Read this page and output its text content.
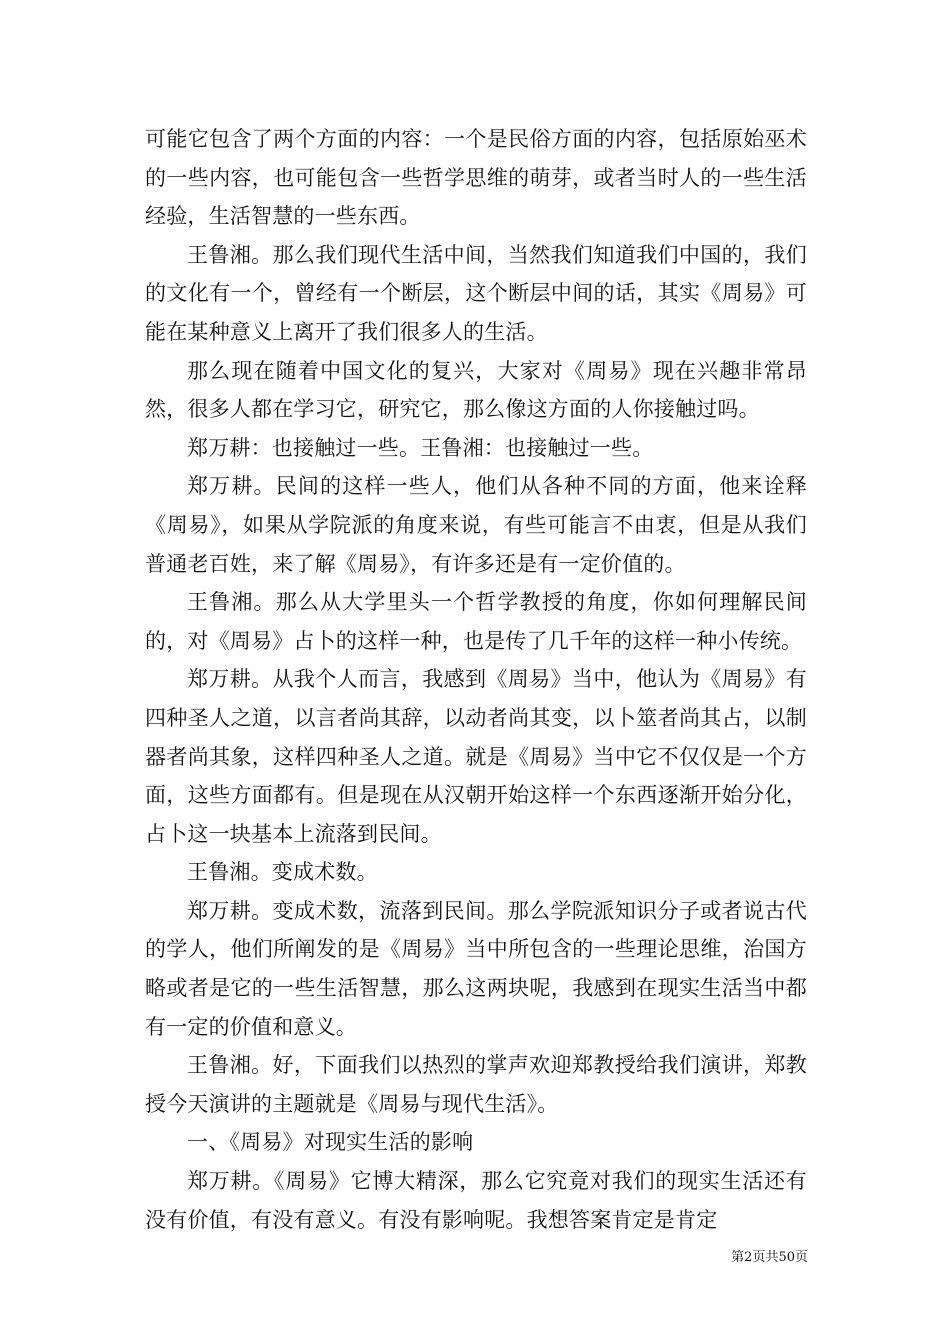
可能它包含了两个方面的内容：一个是民俗方面的内容，包括原始巫术的一些内容，也可能包含一些哲学思维的萌芽，或者当时人的一些生活经验，生活智慧的一些东西。

王鲁湘。那么我们现代生活中间，当然我们知道我们中国的，我们的文化有一个，曾经有一个断层，这个断层中间的话，其实《周易》可能在某种意义上离开了我们很多人的生活。

那么现在随着中国文化的复兴，大家对《周易》现在兴趣非常昂然，很多人都在学习它，研究它，那么像这方面的人你接触过吗。

郑万耕：也接触过一些。王鲁湘：也接触过一些。

郑万耕。民间的这样一些人，他们从各种不同的方面，他来诠释《周易》，如果从学院派的角度来说，有些可能言不由衷，但是从我们普通老百姓，来了解《周易》，有许多还是有一定价值的。

王鲁湘。那么从大学里头一个哲学教授的角度，你如何理解民间的，对《周易》占卜的这样一种，也是传了几千年的这样一种小传统。

郑万耕。从我个人而言，我感到《周易》当中，他认为《周易》有四种圣人之道，以言者尚其辞，以动者尚其变，以卜筮者尚其占，以制器者尚其象，这样四种圣人之道。就是《周易》当中它不仅仅是一个方面，这些方面都有。但是现在从汉朝开始这样一个东西逐渐开始分化，占卜这一块基本上流落到民间。

王鲁湘。变成术数。

郑万耕。变成术数，流落到民间。那么学院派知识分子或者说古代的学人，他们所阐发的是《周易》当中所包含的一些理论思维，治国方略或者是它的一些生活智慧，那么这两块呢，我感到在现实生活当中都有一定的价值和意义。

王鲁湘。好，下面我们以热烈的掌声欢迎郑教授给我们演讲，郑教授今天演讲的主题就是《周易与现代生活》。

一、《周易》对现实生活的影响

郑万耕。《周易》它博大精深，那么它究竟对我们的现实生活还有没有价值，有没有意义。有没有影响呢。我想答案肯定是肯定

第2页共50页
